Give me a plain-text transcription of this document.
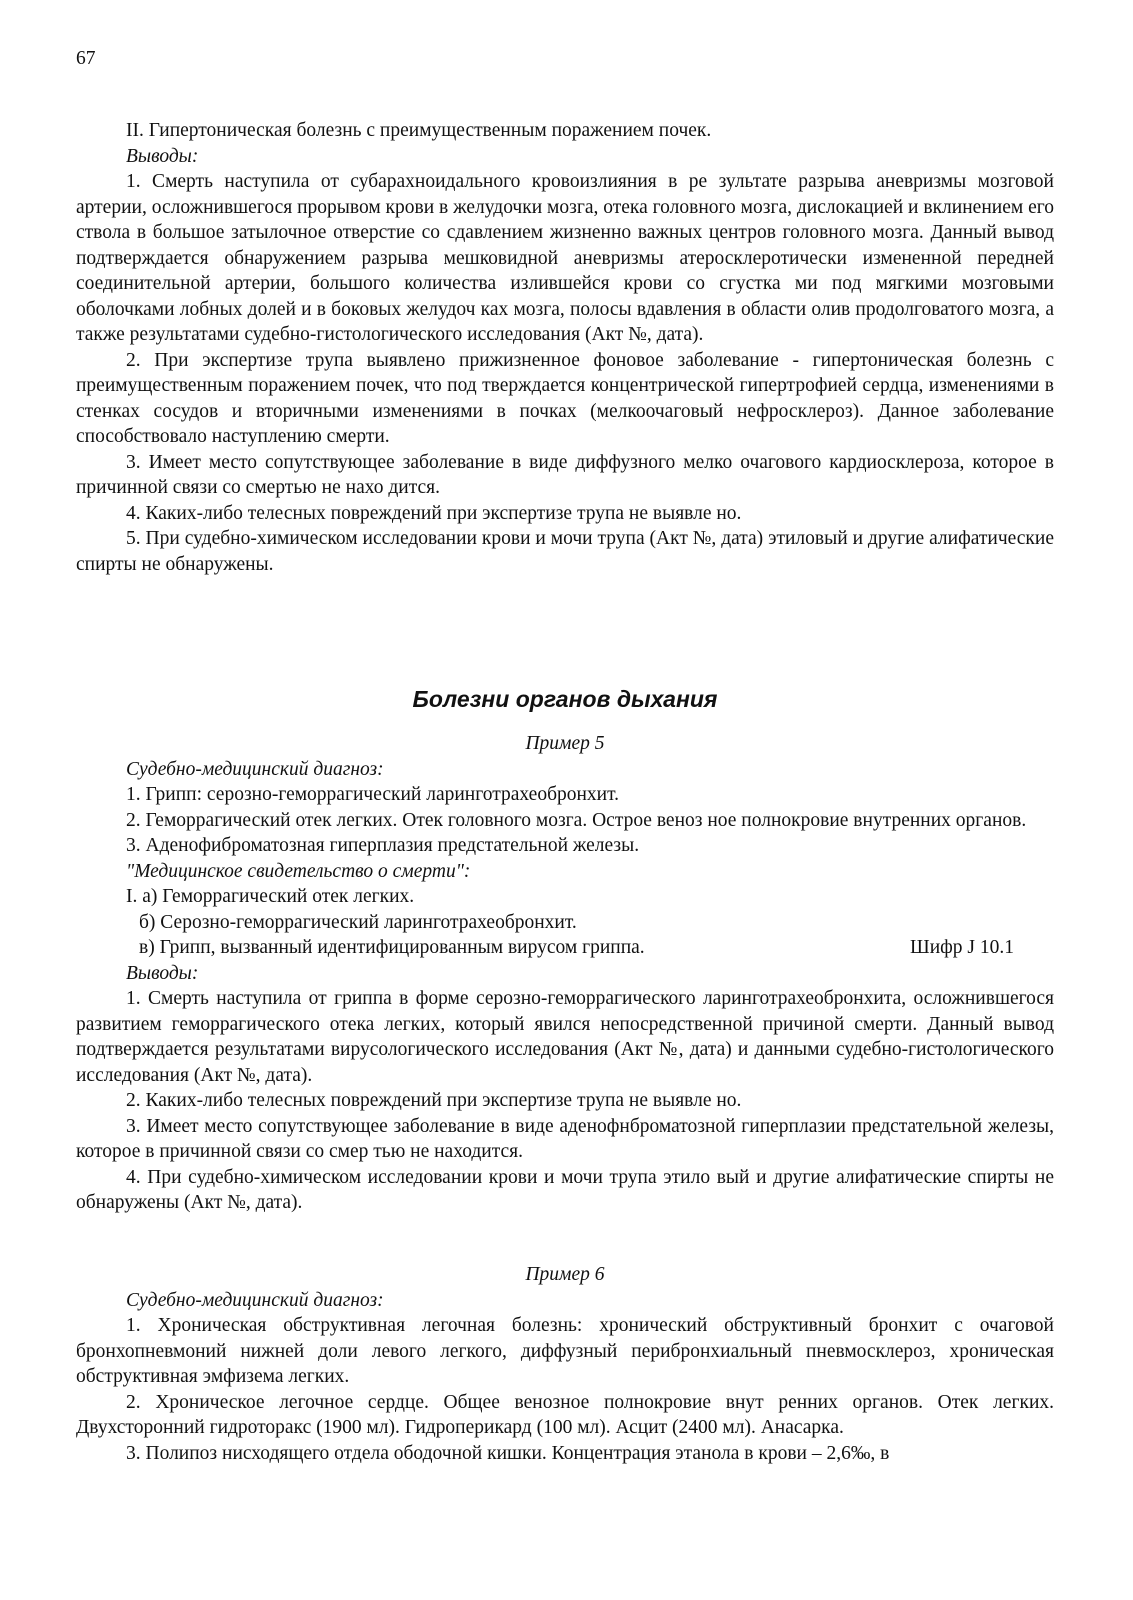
67

II. Гипертоническая болезнь с преимущественным поражением почек.

Выводы:

1. Смерть наступила от субарахноидального кровоизлияния в ре зультате разрыва аневризмы мозговой артерии, осложнившегося прорывом крови в желудочки мозга, отека головного мозга, дислокацией и вклинением его ствола в большое затылочное отверстие со сдавлением жизненно важных центров головного мозга. Данный вывод подтверждается обнаружением разрыва мешковидной аневризмы атеросклеротически измененной передней соединительной артерии, большого количества излившейся крови со сгустка ми под мягкими мозговыми оболочками лобных долей и в боковых желудоч ках мозга, полосы вдавления в области олив продолговатого мозга, а также результатами судебно-гистологического исследования (Акт №, дата).

2. При экспертизе трупа выявлено прижизненное фоновое заболевание - гипертоническая болезнь с преимущественным поражением почек, что под тверждается концентрической гипертрофией сердца, изменениями в стенках сосудов и вторичными изменениями в почках (мелкоочаговый нефросклероз). Данное заболевание способствовало наступлению смерти.

3. Имеет место сопутствующее заболевание в виде диффузного мелко очагового кардиосклероза, которое в причинной связи со смертью не нахо дится.

4. Каких-либо телесных повреждений при экспертизе трупа не выявле но.

5. При судебно-химическом исследовании крови и мочи трупа (Акт №, дата) этиловый и другие алифатические спирты не обнаружены.

Болезни органов дыхания

Пример 5

Судебно-медицинский диагноз:

1. Грипп: серозно-геморрагический ларинготрахеобронхит.

2. Геморрагический отек легких. Отек головного мозга. Острое веноз ное полнокровие внутренних органов.

3. Аденофиброматозная гиперплазия предстательной железы.

"Медицинское свидетельство о смерти":

I. а) Геморрагический отек легких.

б) Серозно-геморрагический ларинготрахеобронхит.

в) Грипп, вызванный идентифицированным вирусом гриппа.	Шифр J 10.1

Выводы:

1. Смерть наступила от гриппа в форме серозно-геморрагического ларинготрахеобронхита, осложнившегося развитием геморрагического отека легких, который явился непосредственной причиной смерти. Данный вывод подтверждается результатами вирусологического исследования (Акт №, дата) и данными судебно-гистологического исследования (Акт №, дата).

2. Каких-либо телесных повреждений при экспертизе трупа не выявле но.

3. Имеет место сопутствующее заболевание в виде аденофнброматозной гиперплазии предстательной железы, которое в причинной связи со смер тью не находится.

4. При судебно-химическом исследовании крови и мочи трупа этило вый и другие алифатические спирты не обнаружены (Акт №, дата).

Пример 6

Судебно-медицинский диагноз:

1. Хроническая обструктивная легочная болезнь: хронический обструктивный бронхит с очаговой бронхопневмоний нижней доли левого легкого, диффузный перибронхиальный пневмосклероз, хроническая обструктивная эмфизема легких.

2. Хроническое легочное сердце. Общее венозное полнокровие внут ренних органов. Отек легких. Двухсторонний гидроторакс (1900 мл). Гидроперикард (100 мл). Асцит (2400 мл). Анасарка.

3. Полипоз нисходящего отдела ободочной кишки. Концентрация этанола в крови – 2,6‰, в
